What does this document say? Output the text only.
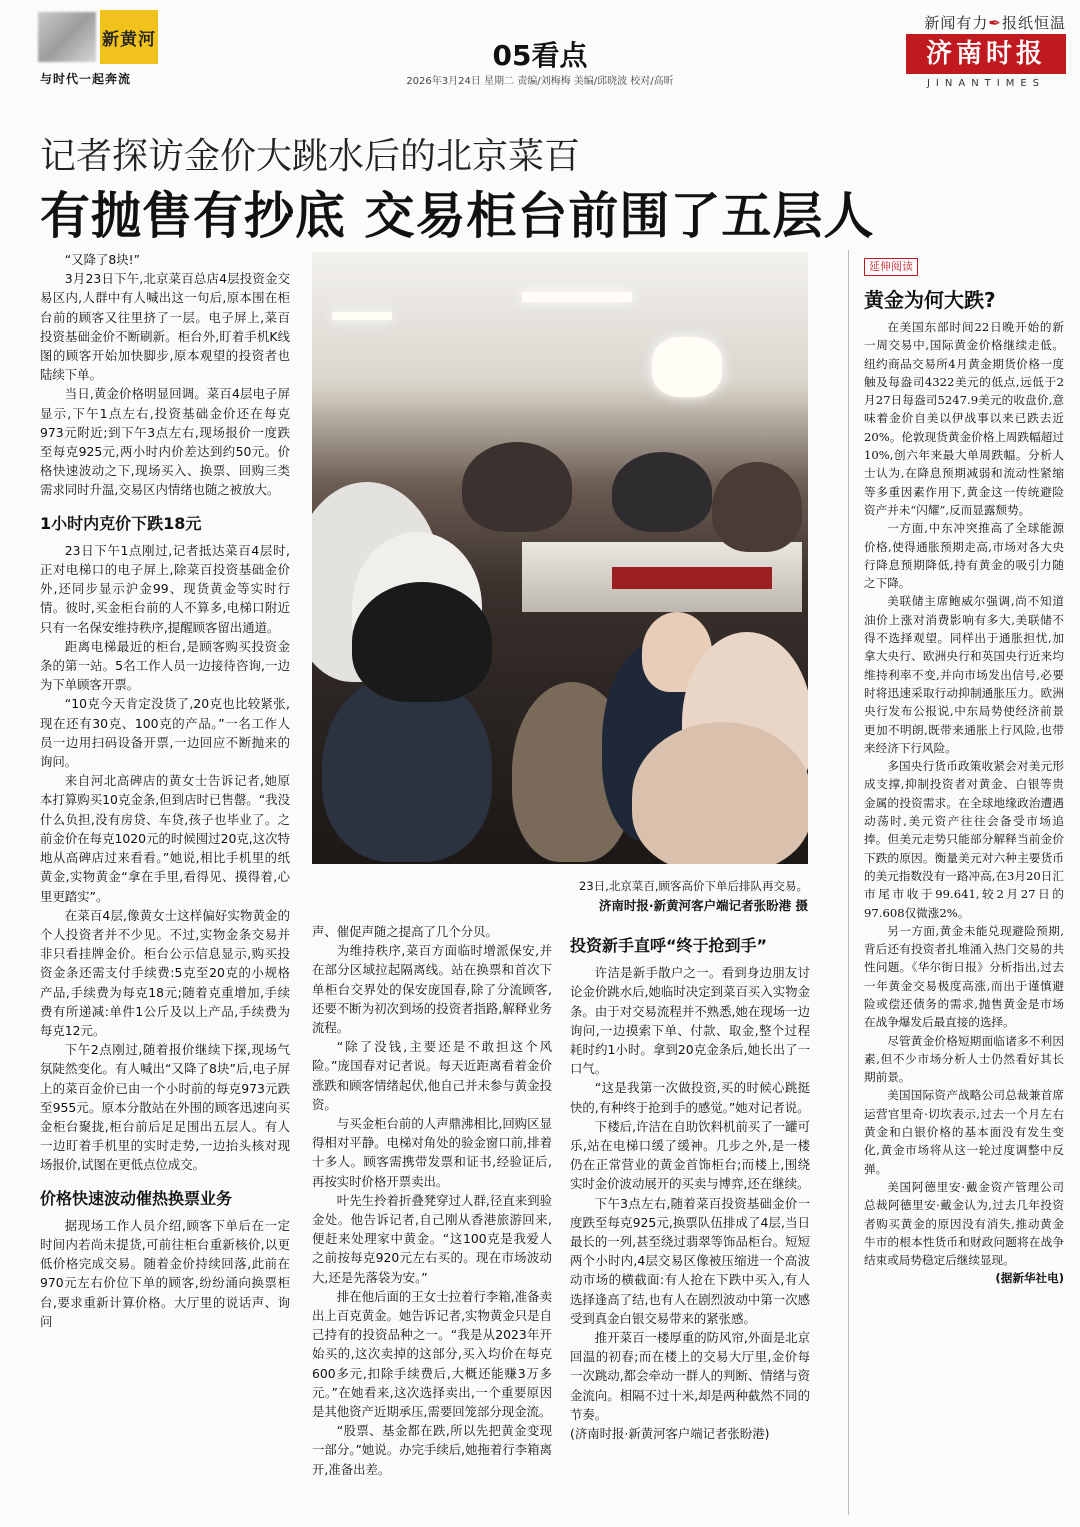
新黄河
与时代一起奔流
05看点
2026年3月24日 星期二 责编/刘梅梅 美编/邱晓波 校对/高昕
新闻有力✒报纸恒温
济南时报
JINANTIMES
记者探访金价大跳水后的北京菜百
有抛售有抄底 交易柜台前围了五层人

“又降了8块!”

3月23日下午,北京菜百总店4层投资金交易区内,人群中有人喊出这一句后,原本围在柜台前的顾客又往里挤了一层。电子屏上,菜百投资基础金价不断刷新。柜台外,盯着手机K线图的顾客开始加快脚步,原本观望的投资者也陆续下单。

当日,黄金价格明显回调。菜百4层电子屏显示,下午1点左右,投资基础金价还在每克973元附近;到下午3点左右,现场报价一度跌至每克925元,两小时内价差达到约50元。价格快速波动之下,现场买入、换票、回购三类需求同时升温,交易区内情绪也随之被放大。

1小时内克价下跌18元

23日下午1点刚过,记者抵达菜百4层时,正对电梯口的电子屏上,除菜百投资基础金价外,还同步显示沪金99、现货黄金等实时行情。彼时,买金柜台前的人不算多,电梯口附近只有一名保安维持秩序,提醒顾客留出通道。

距离电梯最近的柜台,是顾客购买投资金条的第一站。5名工作人员一边接待咨询,一边为下单顾客开票。

“10克今天肯定没货了,20克也比较紧张,现在还有30克、100克的产品。”一名工作人员一边用扫码设备开票,一边回应不断抛来的询问。

来自河北高碑店的黄女士告诉记者,她原本打算购买10克金条,但到店时已售罄。“我没什么负担,没有房贷、车贷,孩子也毕业了。之前金价在每克1020元的时候囤过20克,这次特地从高碑店过来看看。”她说,相比手机里的纸黄金,实物黄金“拿在手里,看得见、摸得着,心里更踏实”。

在菜百4层,像黄女士这样偏好实物黄金的个人投资者并不少见。不过,实物金条交易并非只看挂牌金价。柜台公示信息显示,购买投资金条还需支付手续费:5克至20克的小规格产品,手续费为每克18元;随着克重增加,手续费有所递减:单件1公斤及以上产品,手续费为每克12元。

下午2点刚过,随着报价继续下探,现场气氛陡然变化。有人喊出“又降了8块”后,电子屏上的菜百金价已由一个小时前的每克973元跌至955元。原本分散站在外围的顾客迅速向买金柜台聚拢,柜台前后足足围出五层人。有人一边盯着手机里的实时走势,一边抬头核对现场报价,试图在更低点位成交。

价格快速波动催热换票业务

据现场工作人员介绍,顾客下单后在一定时间内若尚未提货,可前往柜台重新核价,以更低价格完成交易。随着金价持续回落,此前在970元左右价位下单的顾客,纷纷涌向换票柜台,要求重新计算价格。大厅里的说话声、询问

23日,北京菜百,顾客高价下单后排队再交易。
济南时报·新黄河客户端记者张盼港 摄

声、催促声随之提高了几个分贝。

为维持秩序,菜百方面临时增派保安,并在部分区域拉起隔离线。站在换票和首次下单柜台交界处的保安庞国春,除了分流顾客,还要不断为初次到场的投资者指路,解释业务流程。

“除了没钱,主要还是不敢担这个风险。”庞国春对记者说。每天近距离看着金价涨跌和顾客情绪起伏,他自己并未参与黄金投资。

与买金柜台前的人声鼎沸相比,回购区显得相对平静。电梯对角处的验金窗口前,排着十多人。顾客需携带发票和证书,经验证后,再按实时价格开票卖出。

叶先生拎着折叠凳穿过人群,径直来到验金处。他告诉记者,自己刚从香港旅游回来,便赶来处理家中黄金。“这100克是我爱人之前按每克920元左右买的。现在市场波动大,还是先落袋为安。”

排在他后面的王女士拉着行李箱,准备卖出上百克黄金。她告诉记者,实物黄金只是自己持有的投资品种之一。“我是从2023年开始买的,这次卖掉的这部分,买入均价在每克600多元,扣除手续费后,大概还能赚3万多元。”在她看来,这次选择卖出,一个重要原因是其他资产近期承压,需要回笼部分现金流。

“股票、基金都在跌,所以先把黄金变现一部分。”她说。办完手续后,她拖着行李箱离开,准备出差。

投资新手直呼“终于抢到手”

许洁是新手散户之一。看到身边朋友讨论金价跳水后,她临时决定到菜百买入实物金条。由于对交易流程并不熟悉,她在现场一边询问,一边摸索下单、付款、取金,整个过程耗时约1小时。拿到20克金条后,她长出了一口气。

“这是我第一次做投资,买的时候心跳挺快的,有种终于抢到手的感觉。”她对记者说。

下楼后,许洁在自助饮料机前买了一罐可乐,站在电梯口缓了缓神。几步之外,是一楼仍在正常营业的黄金首饰柜台;而楼上,围绕实时金价波动展开的买卖与博弈,还在继续。

下午3点左右,随着菜百投资基础金价一度跌至每克925元,换票队伍排成了4层,当日最长的一列,甚至绕过翡翠等饰品柜台。短短两个小时内,4层交易区像被压缩进一个高波动市场的横截面:有人抢在下跌中买入,有人选择逢高了结,也有人在剧烈波动中第一次感受到真金白银交易带来的紧张感。

推开菜百一楼厚重的防风帘,外面是北京回温的初春;而在楼上的交易大厅里,金价每一次跳动,都会牵动一群人的判断、情绪与资金流向。相隔不过十米,却是两种截然不同的节奏。

(济南时报·新黄河客户端记者张盼港)

延伸阅读
黄金为何大跌?

在美国东部时间22日晚开始的新一周交易中,国际黄金价格继续走低。纽约商品交易所4月黄金期货价格一度触及每盎司4322美元的低点,远低于2月27日每盎司5247.9美元的收盘价,意味着金价自美以伊战事以来已跌去近20%。伦敦现货黄金价格上周跌幅超过10%,创六年来最大单周跌幅。分析人士认为,在降息预期减弱和流动性紧缩等多重因素作用下,黄金这一传统避险资产并未“闪耀”,反而显露颓势。

一方面,中东冲突推高了全球能源价格,使得通胀预期走高,市场对各大央行降息预期降低,持有黄金的吸引力随之下降。

美联储主席鲍威尔强调,尚不知道油价上涨对消费影响有多大,美联储不得不选择观望。同样出于通胀担忧,加拿大央行、欧洲央行和英国央行近来均维持利率不变,并向市场发出信号,必要时将迅速采取行动抑制通胀压力。欧洲央行发布公报说,中东局势使经济前景更加不明朗,既带来通胀上行风险,也带来经济下行风险。

多国央行货币政策收紧会对美元形成支撑,抑制投资者对黄金、白银等贵金属的投资需求。在全球地缘政治遭遇动荡时,美元资产往往会备受市场追捧。但美元走势只能部分解释当前金价下跌的原因。衡量美元对六种主要货币的美元指数没有一路冲高,在3月20日汇市尾市收于99.641,较2月27日的97.608仅微涨2%。

另一方面,黄金未能兑现避险预期,背后还有投资者扎堆涌入热门交易的共性问题。《华尔街日报》分析指出,过去一年黄金交易极度高涨,而出于谨慎避险或偿还债务的需求,抛售黄金是市场在战争爆发后最直接的选择。

尽管黄金价格短期面临诸多不利因素,但不少市场分析人士仍然看好其长期前景。

美国国际资产战略公司总裁兼首席运营官里奇·切坎表示,过去一个月左右黄金和白银价格的基本面没有发生变化,黄金市场将从这一轮过度调整中反弹。

美国阿德里安·戴金资产管理公司总裁阿德里安·戴金认为,过去几年投资者购买黄金的原因没有消失,推动黄金牛市的根本性货币和财政问题将在战争结束或局势稳定后继续显现。

(据新华社电)
